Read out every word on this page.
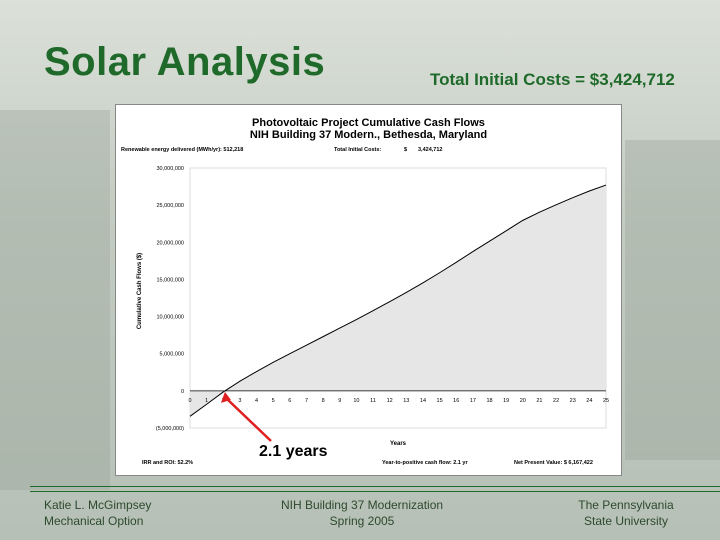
Solar Analysis	Total Initial Costs = $3,424,712
Photovoltaic Project Cumulative Cash Flows
NIH Building 37 Modern., Bethesda, Maryland
Renewable energy delivered (MWh/yr): 512,218	Total Initial Costs:	$ 3,424,712
IRR and ROI: 52.2%	Year-to-positive cash flow: 2.1 yr	Net Present Value: $ 6,167,422
30,000,000
25,000,000
20,000,000
15,000,000
10,000,000
5,000,000
0
(5,000,000)
0 1	3 4 5 6 7 8 9 10 11 12 13 14 15 16 17 18 19 20 21 22 23 24 25
Cumulative Cash Flows ($)
Years
2.1 years
Katie L. McGimpsey
Mechanical Option
NIH Building 37 Modernization
Spring 2005
The Pennsylvania
State University
